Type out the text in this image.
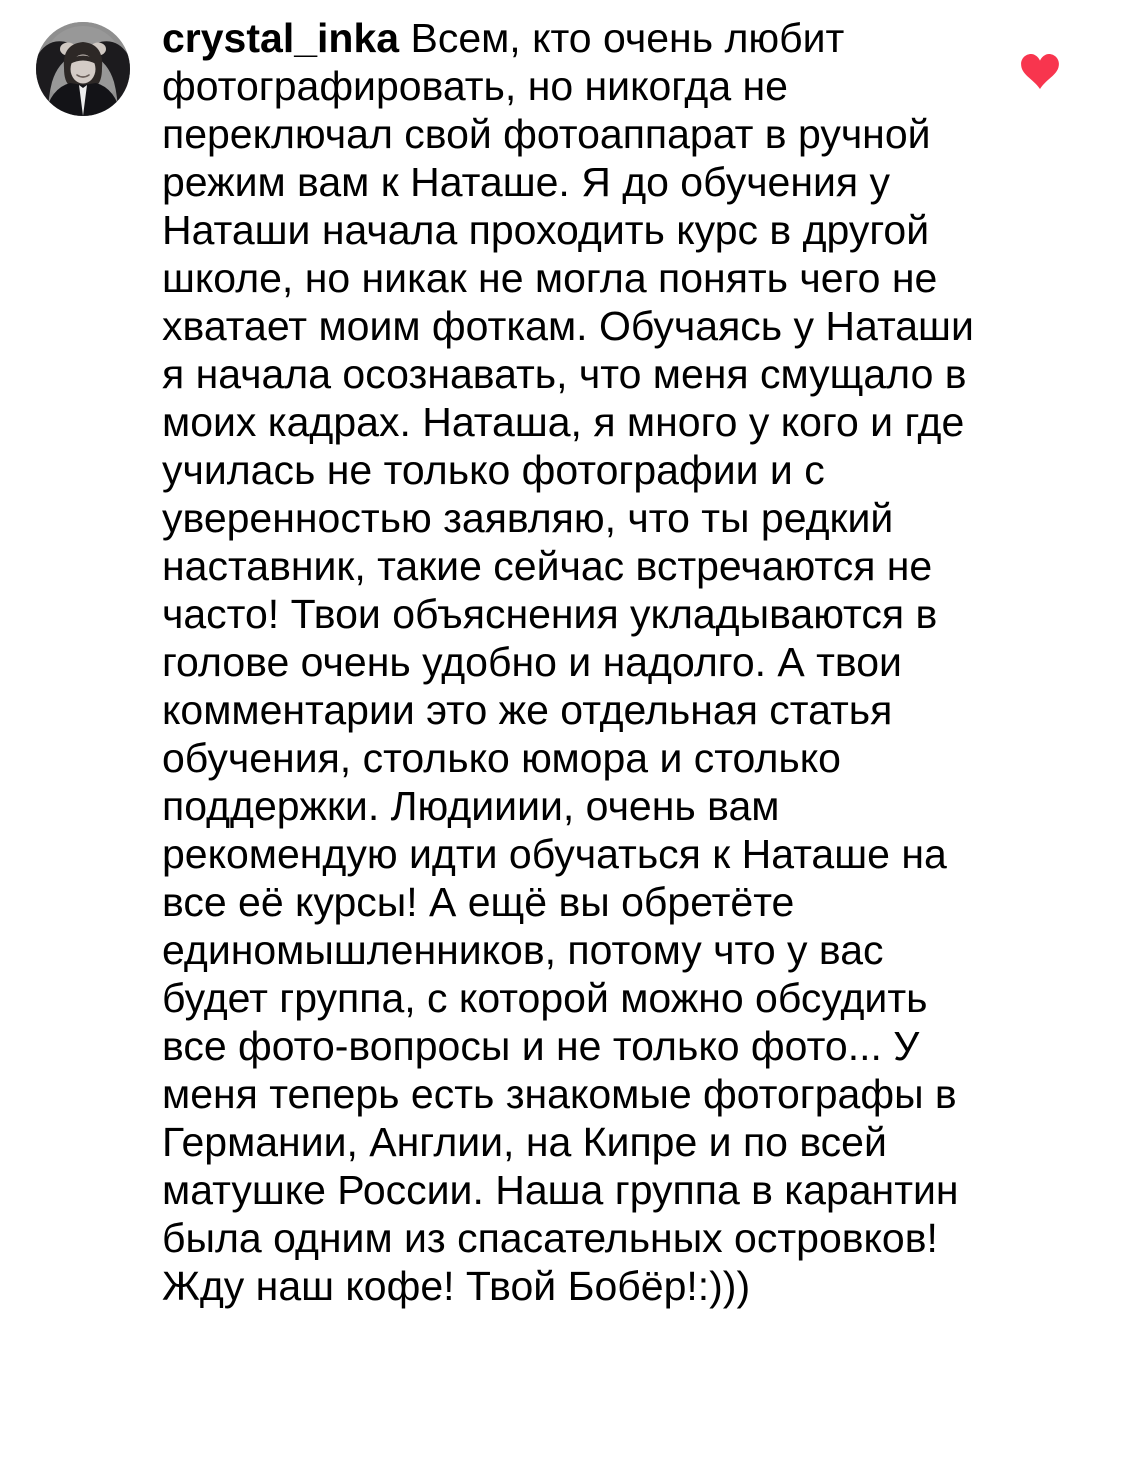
crystal_inka Всем, кто очень любит фотографировать, но никогда не переключал свой фотоаппарат в ручной режим вам к Наташе. Я до обучения у Наташи начала проходить курс в другой школе, но никак не могла понять чего не хватает моим фоткам. Обучаясь у Наташи я начала осознавать, что меня смущало в моих кадрах. Наташа, я много у кого и где училась не только фотографии и с уверенностью заявляю, что ты редкий наставник, такие сейчас встречаются не часто! Твои объяснения укладываются в голове очень удобно и надолго. А твои комментарии это же отдельная статья обучения, столько юмора и столько поддержки. Людииии, очень вам рекомендую идти обучаться к Наташе на все её курсы! А ещё вы обретёте единомышленников, потому что у вас будет группа, с которой можно обсудить все фото-вопросы и не только фото... У меня теперь есть знакомые фотографы в Германии, Англии, на Кипре и по всей матушке России. Наша группа в карантин была одним из спасательных островков! Жду наш кофе! Твой Бобёр!:)))
